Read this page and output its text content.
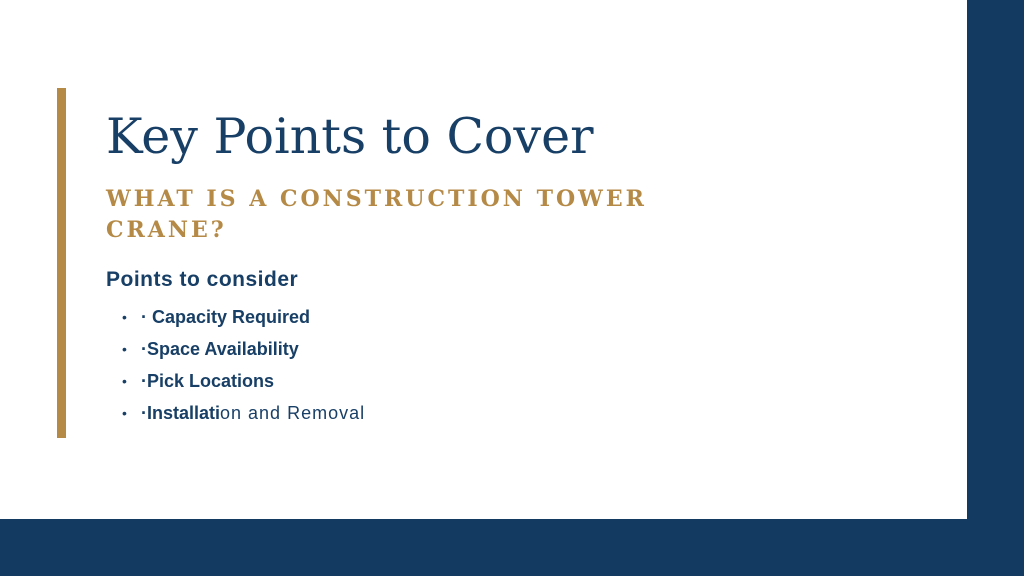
Key Points to Cover
WHAT IS A CONSTRUCTION TOWER
CRANE?
Points to consider
• · Capacity Required
• ·Space Availability
• ·Pick Locations
• ·Installati on and Removal
